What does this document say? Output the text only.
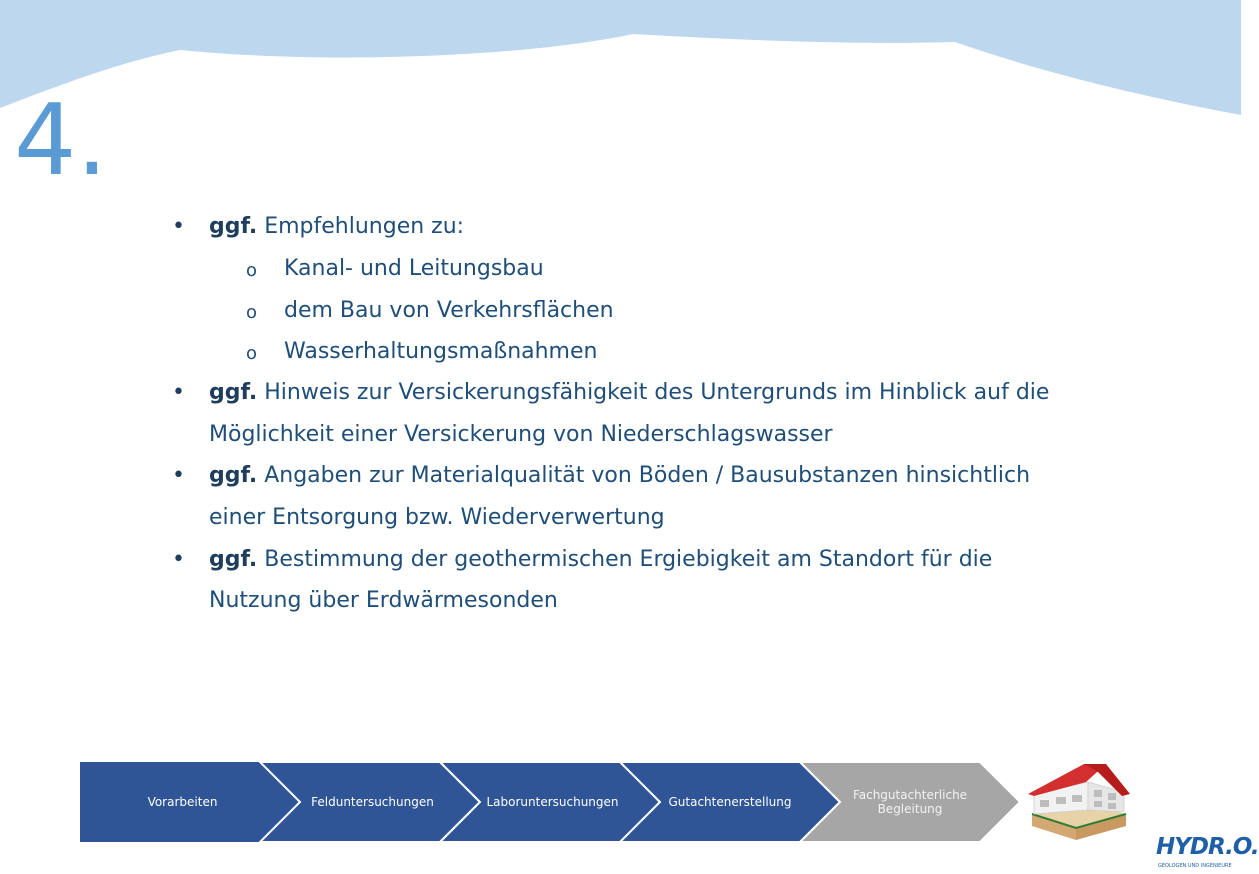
4.
• ggf. Empfehlungen zu:
o Kanal- und Leitungsbau
o dem Bau von Verkehrsflächen
o Wasserhaltungsmaßnahmen
• ggf. Hinweis zur Versickerungsfähigkeit des Untergrunds im Hinblick auf die
Möglichkeit einer Versickerung von Niederschlagswasser
• ggf. Angaben zur Materialqualität von Böden / Bausubstanzen hinsichtlich
einer Entsorgung bzw. Wiederverwertung
• ggf. Bestimmung der geothermischen Ergiebigkeit am Standort für die
Nutzung über Erdwärmesonden
Vorarbeiten	Felduntersuchungen	Laboruntersuchungen	Gutachtenerstellung	Fachgutachterliche Begleitung
HYDR.O.
GEOLOGEN UND INGENIEURE
